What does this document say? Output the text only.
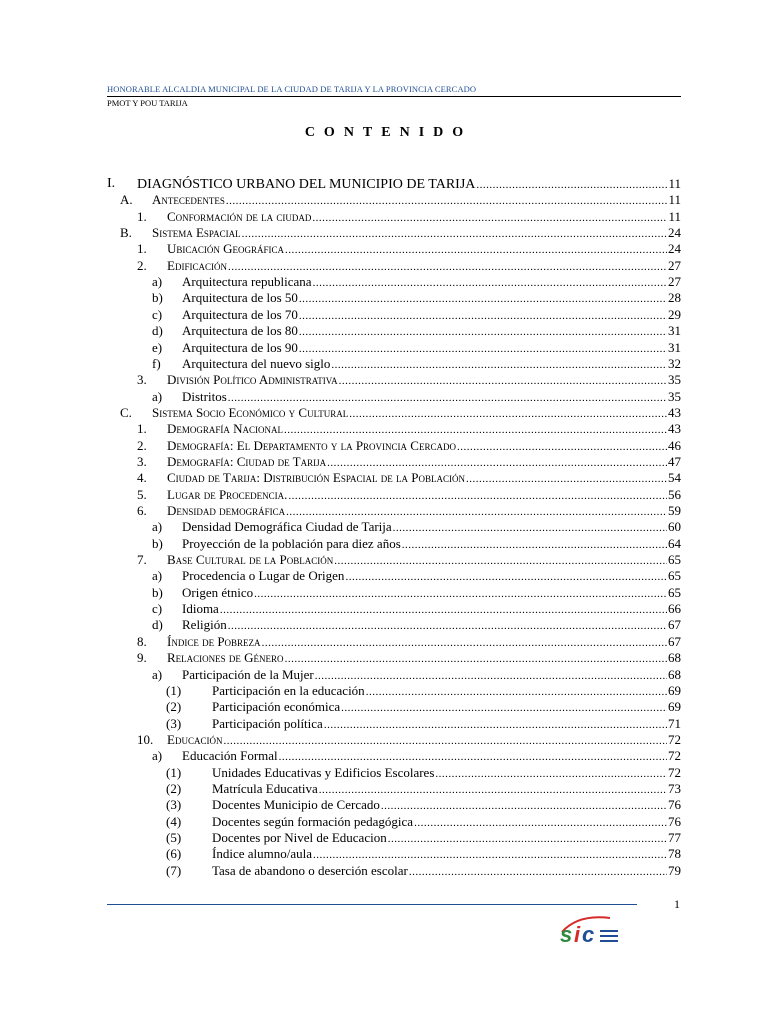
HONORABLE ALCALDIA MUNICIPAL DE LA CIUDAD DE TARIJA Y LA PROVINCIA CERCADO
PMOT Y POU TARIJA
CONTENIDO
I. DIAGNÓSTICO URBANO DEL MUNICIPIO DE TARIJA .....	11
A. Antecedentes .....	11
1. Conformación de la ciudad .....	11
B. Sistema Espacial .....	24
1. Ubicación Geográfica .....	24
2. Edificación .....	27
a) Arquitectura republicana .....	27
b) Arquitectura de los 50 .....	28
c) Arquitectura de los 70 .....	29
d) Arquitectura de los 80 .....	31
e) Arquitectura de los 90 .....	31
f) Arquitectura del nuevo siglo .....	32
3. División Político Administrativa .....	35
a) Distritos .....	35
C. Sistema Socio Económico y Cultural .....	43
1. Demografía Nacional .....	43
2. Demografía: El Departamento y la Provincia Cercado .....	46
3. Demografía: Ciudad de Tarija .....	47
4. Ciudad de Tarija: Distribución Espacial de la Población .....	54
5. Lugar de Procedencia. .....	56
6. Densidad demográfica .....	59
a) Densidad Demográfica Ciudad de Tarija .....	60
b) Proyección de la población para diez años .....	64
7. Base Cultural de la Población .....	65
a) Procedencia o Lugar de Origen .....	65
b) Origen étnico .....	65
c) Idioma .....	66
d) Religión .....	67
8. Índice de Pobreza .....	67
9. Relaciones de Género .....	68
a) Participación de la Mujer .....	68
(1) Participación en la educación .....	69
(2) Participación económica .....	69
(3) Participación política .....	71
10. Educación .....	72
a) Educación Formal .....	72
(1) Unidades Educativas y Edificios Escolares .....	72
(2) Matrícula Educativa .....	73
(3) Docentes Municipio de Cercado .....	76
(4) Docentes según formación pedagógica .....	76
(5) Docentes por Nivel de Educacion .....	77
(6) Índice alumno/aula .....	78
(7) Tasa de abandono o deserción escolar .....	79
1
s i c
